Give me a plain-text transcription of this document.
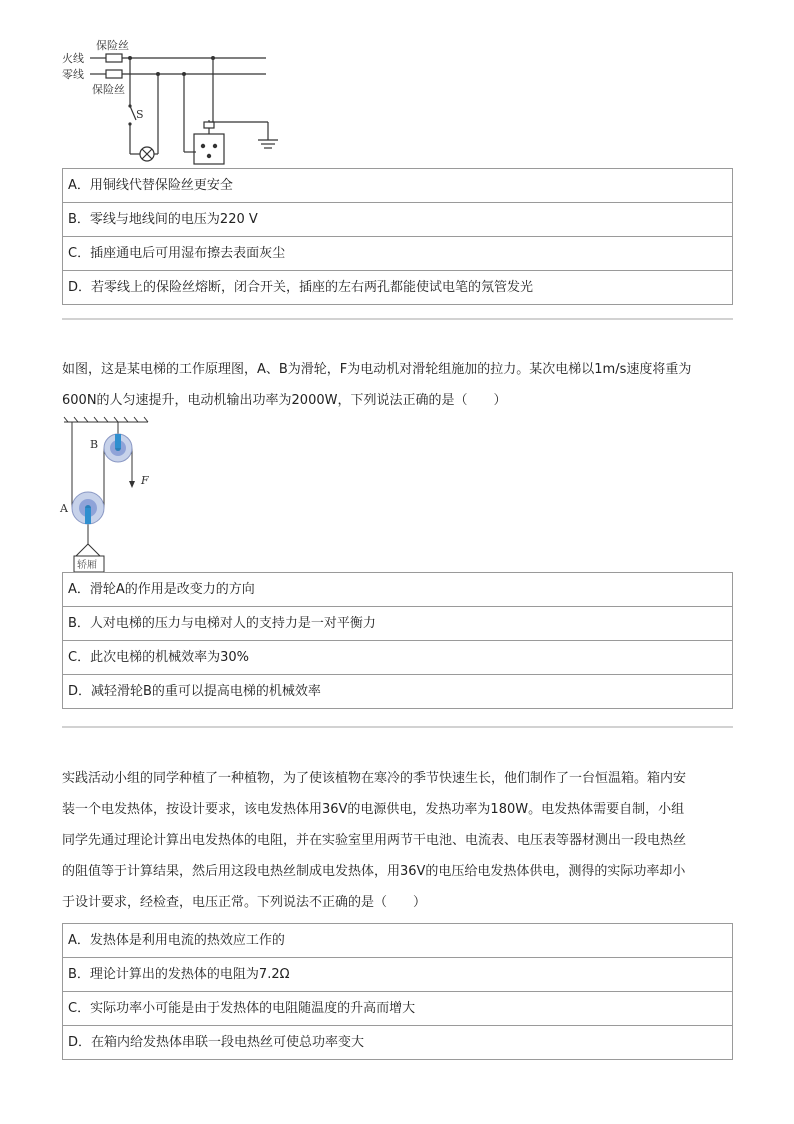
火线
零线
保险丝
保险丝
S
A．用铜线代替保险丝更安全
B．零线与地线间的电压为220 V
C．插座通电后可用湿布擦去表面灰尘
D．若零线上的保险丝熔断，闭合开关，插座的左右两孔都能使试电笔的氖管发光
如图，这是某电梯的工作原理图，A、B为滑轮，F为电动机对滑轮组施加的拉力。某次电梯以1m/s速度将重为
600N的人匀速提升，电动机输出功率为2000W，下列说法正确的是（　　）
B
A
F
轿厢
A．滑轮A的作用是改变力的方向
B．人对电梯的压力与电梯对人的支持力是一对平衡力
C．此次电梯的机械效率为30%
D．减轻滑轮B的重可以提高电梯的机械效率
实践活动小组的同学种植了一种植物，为了使该植物在寒冷的季节快速生长，他们制作了一台恒温箱。箱内安
装一个电发热体，按设计要求，该电发热体用36V的电源供电，发热功率为180W。电发热体需要自制，小组
同学先通过理论计算出电发热体的电阻，并在实验室里用两节干电池、电流表、电压表等器材测出一段电热丝
的阻值等于计算结果，然后用这段电热丝制成电发热体，用36V的电压给电发热体供电，测得的实际功率却小
于设计要求，经检查，电压正常。下列说法不正确的是（　　）
A．发热体是利用电流的热效应工作的
B．理论计算出的发热体的电阻为7.2Ω
C．实际功率小可能是由于发热体的电阻随温度的升高而增大
D．在箱内给发热体串联一段电热丝可使总功率变大
